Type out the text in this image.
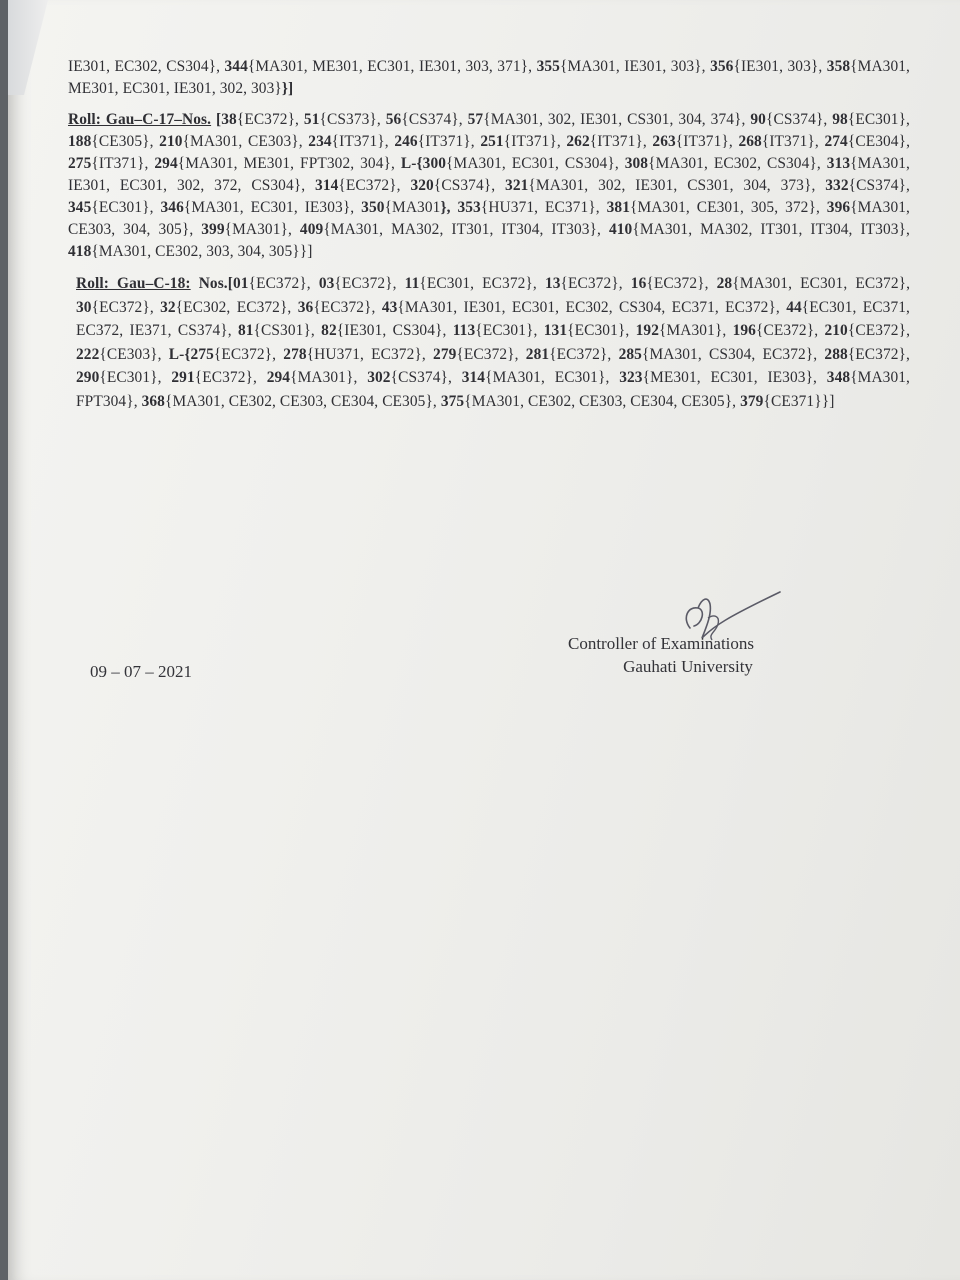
IE301, EC302, CS304}, 344{MA301, ME301, EC301, IE301, 303, 371}, 355{MA301, IE301, 303}, 356{IE301, 303}, 358{MA301, ME301, EC301, IE301, 302, 303}}]

Roll: Gau–C-17–Nos. [38{EC372}, 51{CS373}, 56{CS374}, 57{MA301, 302, IE301, CS301, 304, 374}, 90{CS374}, 98{EC301}, 188{CE305}, 210{MA301, CE303}, 234{IT371}, 246{IT371}, 251{IT371}, 262{IT371}, 263{IT371}, 268{IT371}, 274{CE304}, 275{IT371}, 294{MA301, ME301, FPT302, 304}, L-{300{MA301, EC301, CS304}, 308{MA301, EC302, CS304}, 313{MA301, IE301, EC301, 302, 372, CS304}, 314{EC372}, 320{CS374}, 321{MA301, 302, IE301, CS301, 304, 373}, 332{CS374}, 345{EC301}, 346{MA301, EC301, IE303}, 350{MA301}, 353{HU371, EC371}, 381{MA301, CE301, 305, 372}, 396{MA301, CE303, 304, 305}, 399{MA301}, 409{MA301, MA302, IT301, IT304, IT303}, 410{MA301, MA302, IT301, IT304, IT303}, 418{MA301, CE302, 303, 304, 305}}]

Roll: Gau–C-18: Nos.[01{EC372}, 03{EC372}, 11{EC301, EC372}, 13{EC372}, 16{EC372}, 28{MA301, EC301, EC372}, 30{EC372}, 32{EC302, EC372}, 36{EC372}, 43{MA301, IE301, EC301, EC302, CS304, EC371, EC372}, 44{EC301, EC371, EC372, IE371, CS374}, 81{CS301}, 82{IE301, CS304}, 113{EC301}, 131{EC301}, 192{MA301}, 196{CE372}, 210{CE372}, 222{CE303}, L-{275{EC372}, 278{HU371, EC372}, 279{EC372}, 281{EC372}, 285{MA301, CS304, EC372}, 288{EC372}, 290{EC301}, 291{EC372}, 294{MA301}, 302{CS374}, 314{MA301, EC301}, 323{ME301, EC301, IE303}, 348{MA301, FPT304}, 368{MA301, CE302, CE303, CE304, CE305}, 375{MA301, CE302, CE303, CE304, CE305}, 379{CE371}}]

Controller of Examinations
Gauhati University
09 – 07 – 2021
